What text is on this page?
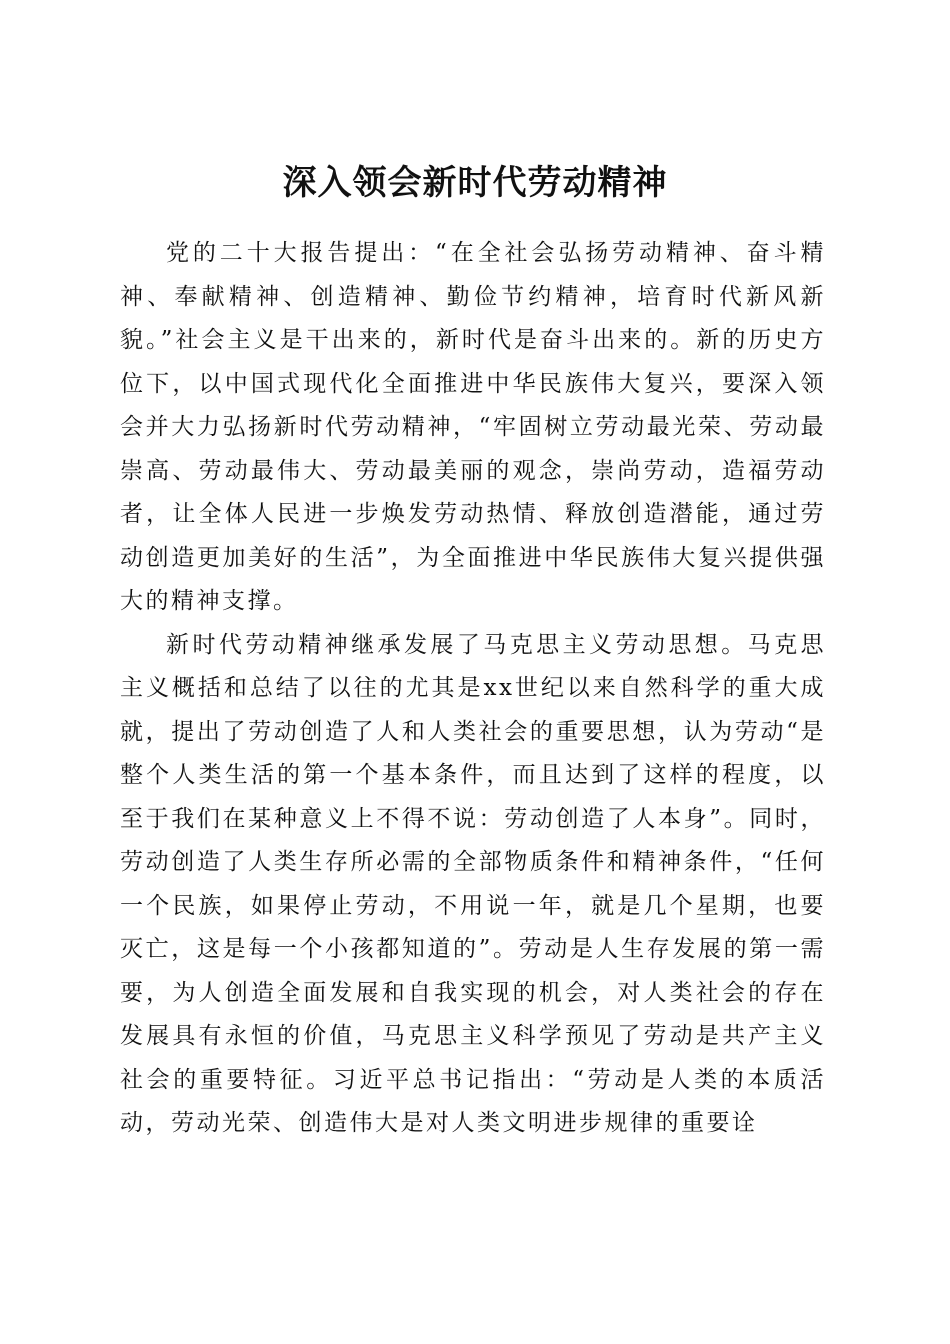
深入领会新时代劳动精神

党的二十大报告提出：“在全社会弘扬劳动精神、奋斗精神、奉献精神、创造精神、勤俭节约精神，培育时代新风新貌。”社会主义是干出来的，新时代是奋斗出来的。新的历史方位下，以中国式现代化全面推进中华民族伟大复兴，要深入领会并大力弘扬新时代劳动精神，“牢固树立劳动最光荣、劳动最崇高、劳动最伟大、劳动最美丽的观念，崇尚劳动，造福劳动者，让全体人民进一步焕发劳动热情、释放创造潜能，通过劳动创造更加美好的生活”，为全面推进中华民族伟大复兴提供强大的精神支撑。

新时代劳动精神继承发展了马克思主义劳动思想。马克思主义概括和总结了以往的尤其是xx世纪以来自然科学的重大成就，提出了劳动创造了人和人类社会的重要思想，认为劳动“是整个人类生活的第一个基本条件，而且达到了这样的程度，以至于我们在某种意义上不得不说：劳动创造了人本身”。同时，劳动创造了人类生存所必需的全部物质条件和精神条件，“任何一个民族，如果停止劳动，不用说一年，就是几个星期，也要灭亡，这是每一个小孩都知道的”。劳动是人生存发展的第一需要，为人创造全面发展和自我实现的机会，对人类社会的存在发展具有永恒的价值，马克思主义科学预见了劳动是共产主义社会的重要特征。习近平总书记指出：“劳动是人类的本质活动，劳动光荣、创造伟大是对人类文明进步规律的重要诠
